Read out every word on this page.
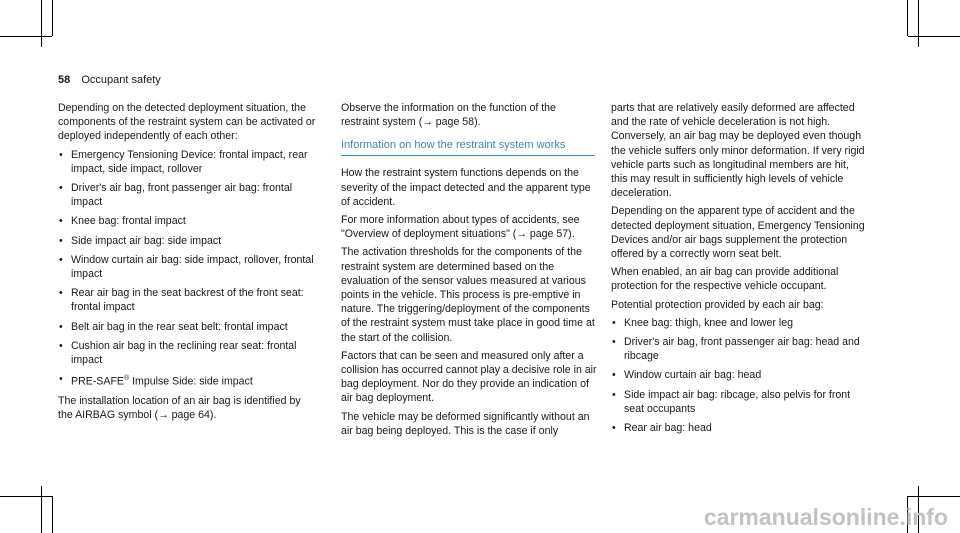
58 Occupant safety

Depending on the detected deployment situation, the components of the restraint system can be activated or deployed independently of each other:

• Emergency Tensioning Device: frontal impact, rear impact, side impact, rollover
• Driver's air bag, front passenger air bag: frontal impact
• Knee bag: frontal impact
• Side impact air bag: side impact
• Window curtain air bag: side impact, rollover, frontal impact
• Rear air bag in the seat backrest of the front seat: frontal impact
• Belt air bag in the rear seat belt: frontal impact
• Cushion air bag in the reclining rear seat: frontal impact
• PRE-SAFE® Impulse Side: side impact

The installation location of an air bag is identified by the AIRBAG symbol (→ page 64).

Observe the information on the function of the restraint system (→ page 58).

Information on how the restraint system works

How the restraint system functions depends on the severity of the impact detected and the apparent type of accident.

For more information about types of accidents, see "Overview of deployment situations" (→ page 57).

The activation thresholds for the components of the restraint system are determined based on the evaluation of the sensor values measured at various points in the vehicle. This process is pre-emptive in nature. The triggering/deployment of the components of the restraint system must take place in good time at the start of the collision.

Factors that can be seen and measured only after a collision has occurred cannot play a decisive role in air bag deployment. Nor do they provide an indication of air bag deployment.

The vehicle may be deformed significantly without an air bag being deployed. This is the case if only

parts that are relatively easily deformed are affected and the rate of vehicle deceleration is not high. Conversely, an air bag may be deployed even though the vehicle suffers only minor deformation. If very rigid vehicle parts such as longitudinal members are hit, this may result in sufficiently high levels of vehicle deceleration.

Depending on the apparent type of accident and the detected deployment situation, Emergency Tensioning Devices and/or air bags supplement the protection offered by a correctly worn seat belt.

When enabled, an air bag can provide additional protection for the respective vehicle occupant.

Potential protection provided by each air bag:

• Knee bag: thigh, knee and lower leg
• Driver's air bag, front passenger air bag: head and ribcage
• Window curtain air bag: head
• Side impact air bag: ribcage, also pelvis for front seat occupants
• Rear air bag: head
carmanualsonline.info
